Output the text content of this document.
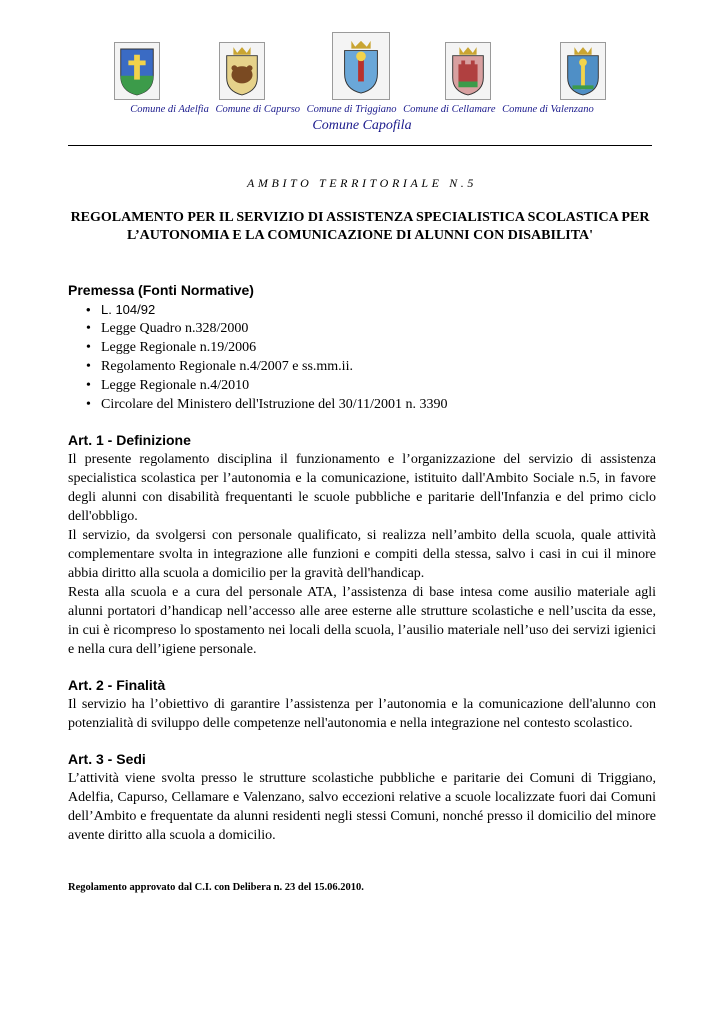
Comune di Adelfia Comune di Capurso Comune di Triggiano Comune di Cellamare Comune di Valenzano
Comune Capofila
AMBITO TERRITORIALE N.5
REGOLAMENTO PER IL SERVIZIO DI ASSISTENZA SPECIALISTICA SCOLASTICA PER L’AUTONOMIA E LA COMUNICAZIONE DI ALUNNI CON DISABILITA'
Premessa (Fonti Normative)
• L. 104/92
• Legge Quadro n.328/2000
• Legge Regionale n.19/2006
• Regolamento Regionale n.4/2007 e ss.mm.ii.
• Legge Regionale n.4/2010
• Circolare del Ministero dell'Istruzione del 30/11/2001 n. 3390
Art. 1 - Definizione

Il presente regolamento disciplina il funzionamento e l’organizzazione del servizio di assistenza specialistica scolastica per l’autonomia e la comunicazione, istituito dall'Ambito Sociale n.5, in favore degli alunni con disabilità frequentanti le scuole pubbliche e paritarie dell'Infanzia e del primo ciclo dell'obbligo.

Il servizio, da svolgersi con personale qualificato, si realizza nell’ambito della scuola, quale attività complementare svolta in integrazione alle funzioni e compiti della stessa, salvo i casi in cui il minore abbia diritto alla scuola a domicilio per la gravità dell'handicap.

Resta alla scuola e a cura del personale ATA, l’assistenza di base intesa come ausilio materiale agli alunni portatori d’handicap nell’accesso alle aree esterne alle strutture scolastiche e nell’uscita da esse, in cui è ricompreso lo spostamento nei locali della scuola, l’ausilio materiale nell’uso dei servizi igienici e nella cura dell’igiene personale.

Art. 2 - Finalità

Il servizio ha l’obiettivo di garantire l’assistenza per l’autonomia e la comunicazione dell'alunno con potenzialità di sviluppo delle competenze nell'autonomia e nella integrazione nel contesto scolastico.

Art. 3 - Sedi

L’attività viene svolta presso le strutture scolastiche pubbliche e paritarie dei Comuni di Triggiano, Adelfia, Capurso, Cellamare e Valenzano, salvo eccezioni relative a scuole localizzate fuori dai Comuni dell’Ambito e frequentate da alunni residenti negli stessi Comuni, nonché presso il domicilio del minore avente diritto alla scuola a domicilio.

Regolamento approvato dal C.I. con Delibera n. 23 del 15.06.2010.
